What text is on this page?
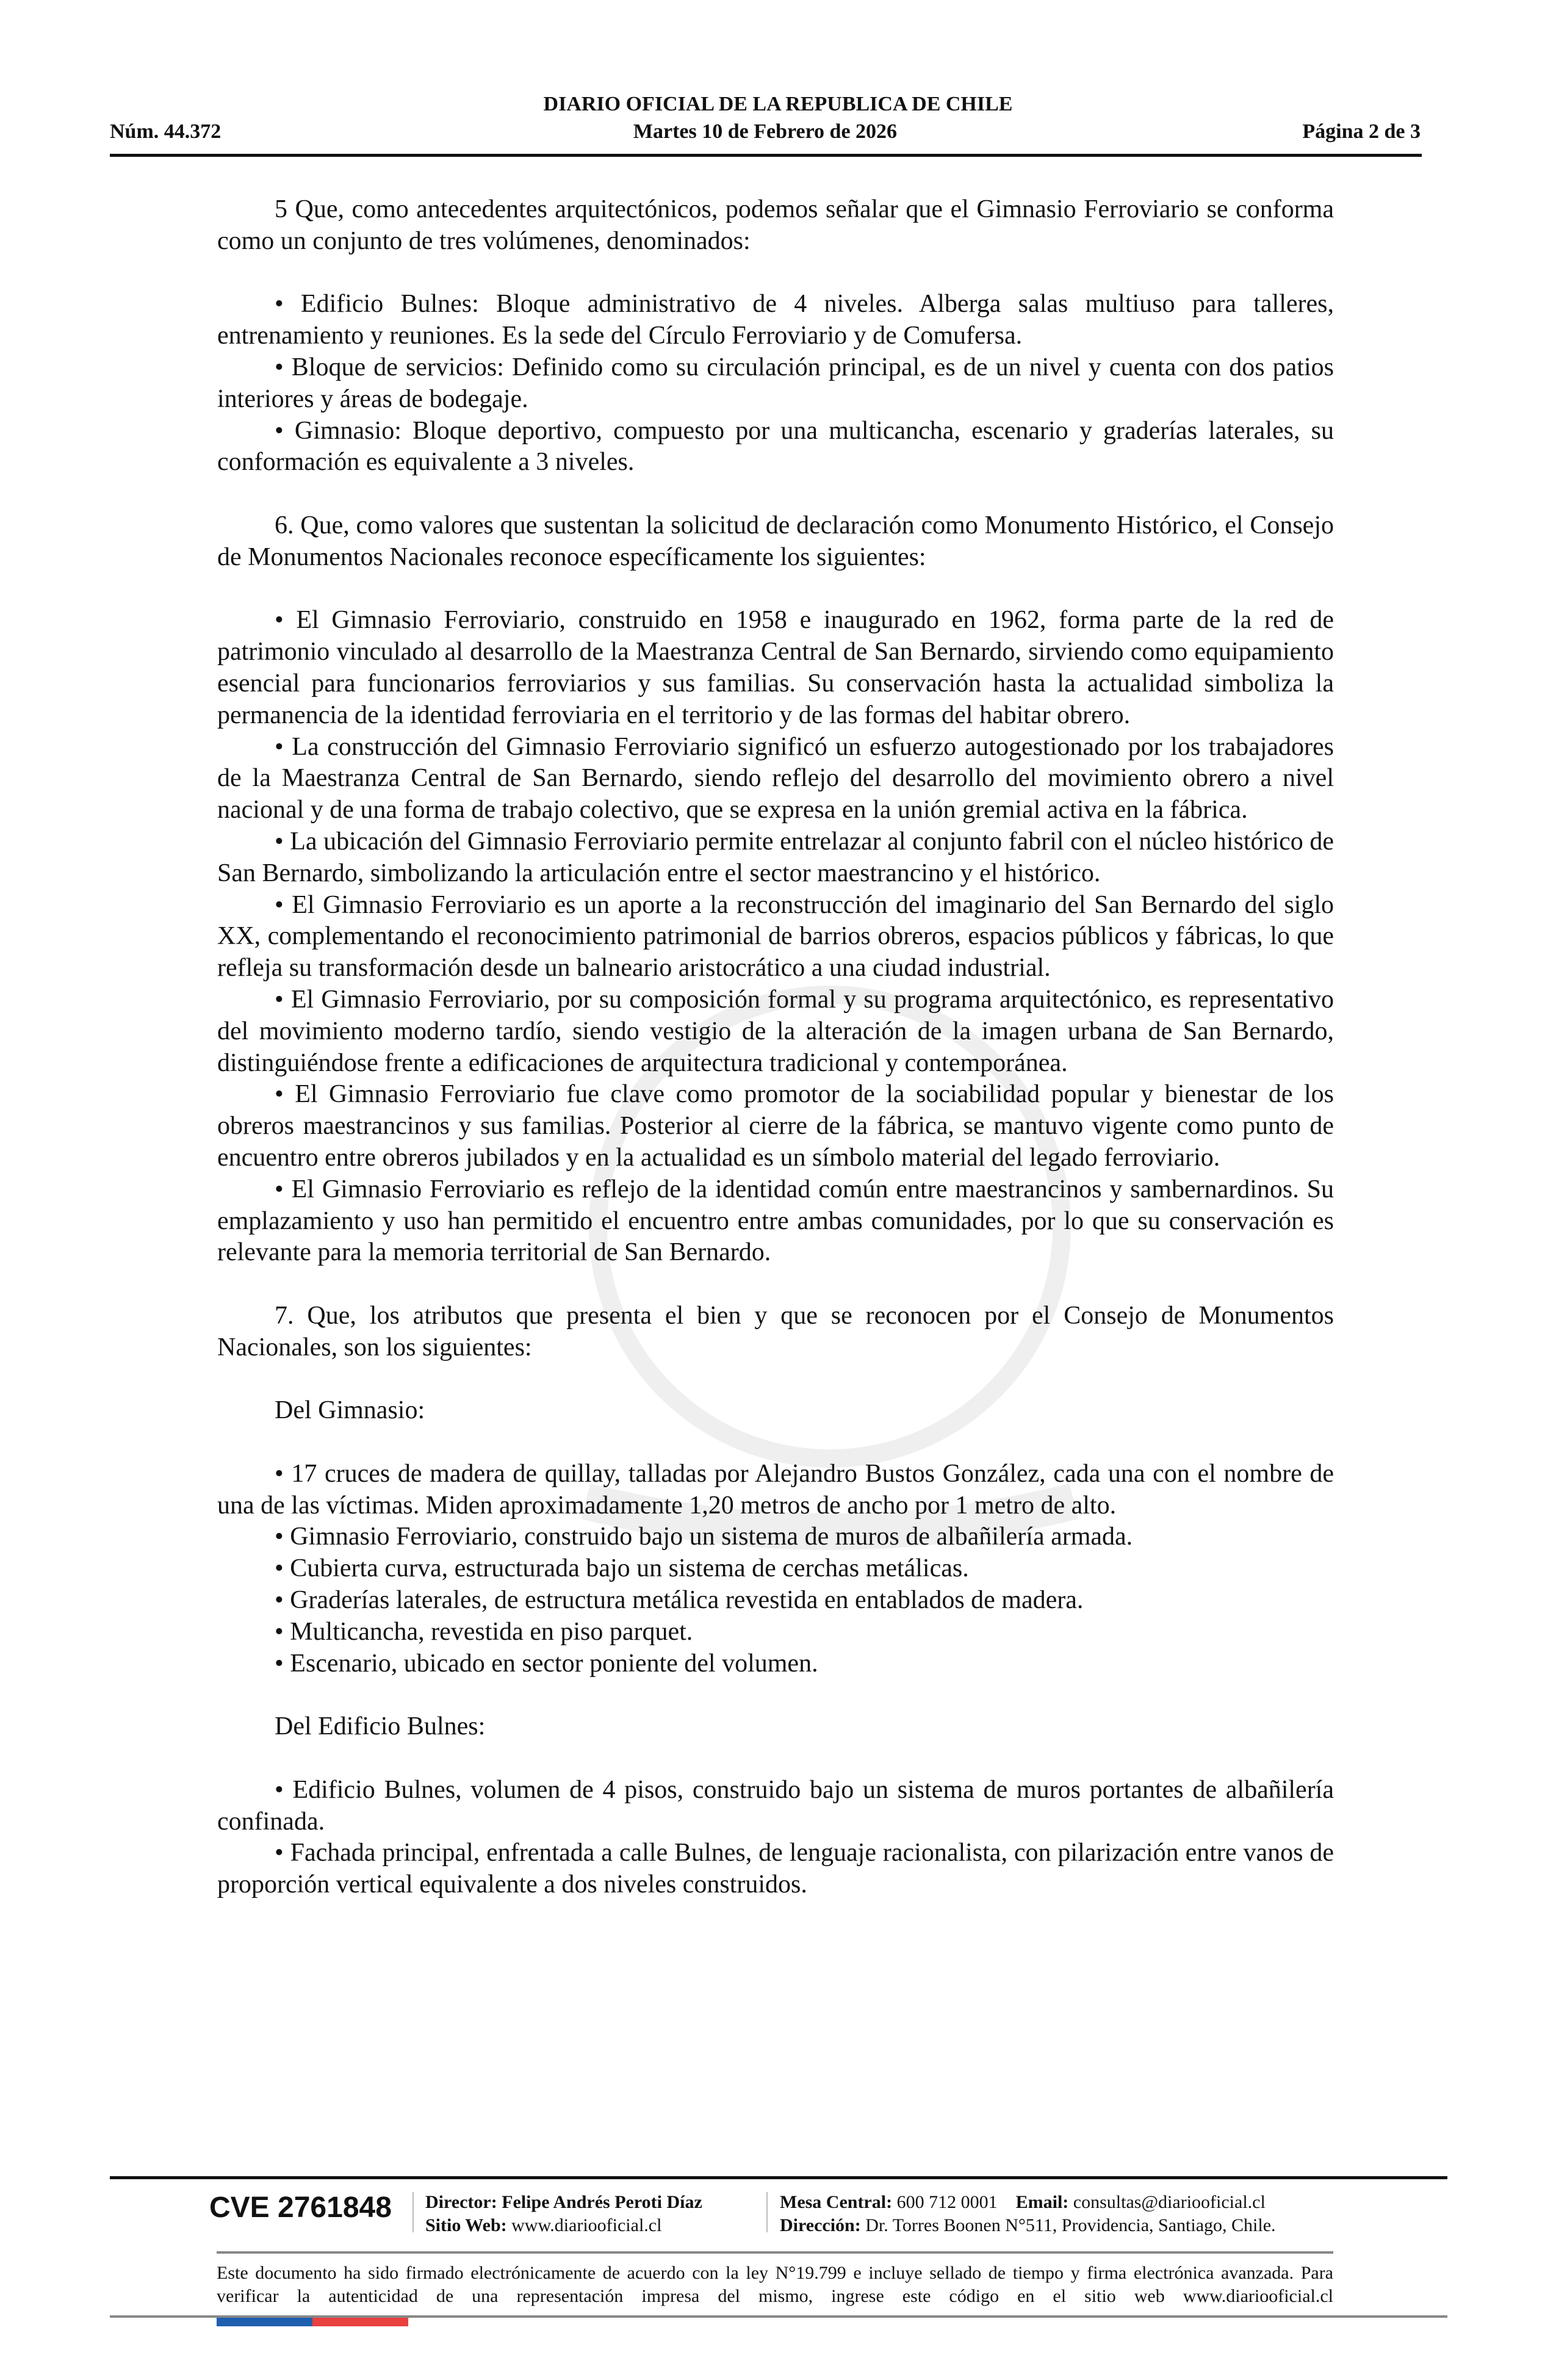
DIARIO OFICIAL DE LA REPUBLICA DE CHILE
Núm. 44.372	Martes 10 de Febrero de 2026	Página 2 de 3

5 Que, como antecedentes arquitectónicos, podemos señalar que el Gimnasio Ferroviario se conforma como un conjunto de tres volúmenes, denominados:

• Edificio Bulnes: Bloque administrativo de 4 niveles. Alberga salas multiuso para talleres, entrenamiento y reuniones. Es la sede del Círculo Ferroviario y de Comufersa.

• Bloque de servicios: Definido como su circulación principal, es de un nivel y cuenta con dos patios interiores y áreas de bodegaje.

• Gimnasio: Bloque deportivo, compuesto por una multicancha, escenario y graderías laterales, su conformación es equivalente a 3 niveles.

6. Que, como valores que sustentan la solicitud de declaración como Monumento Histórico, el Consejo de Monumentos Nacionales reconoce específicamente los siguientes:

• El Gimnasio Ferroviario, construido en 1958 e inaugurado en 1962, forma parte de la red de patrimonio vinculado al desarrollo de la Maestranza Central de San Bernardo, sirviendo como equipamiento esencial para funcionarios ferroviarios y sus familias. Su conservación hasta la actualidad simboliza la permanencia de la identidad ferroviaria en el territorio y de las formas del habitar obrero.

• La construcción del Gimnasio Ferroviario significó un esfuerzo autogestionado por los trabajadores de la Maestranza Central de San Bernardo, siendo reflejo del desarrollo del movimiento obrero a nivel nacional y de una forma de trabajo colectivo, que se expresa en la unión gremial activa en la fábrica.

• La ubicación del Gimnasio Ferroviario permite entrelazar al conjunto fabril con el núcleo histórico de San Bernardo, simbolizando la articulación entre el sector maestrancino y el histórico.

• El Gimnasio Ferroviario es un aporte a la reconstrucción del imaginario del San Bernardo del siglo XX, complementando el reconocimiento patrimonial de barrios obreros, espacios públicos y fábricas, lo que refleja su transformación desde un balneario aristocrático a una ciudad industrial.

• El Gimnasio Ferroviario, por su composición formal y su programa arquitectónico, es representativo del movimiento moderno tardío, siendo vestigio de la alteración de la imagen urbana de San Bernardo, distinguiéndose frente a edificaciones de arquitectura tradicional y contemporánea.

• El Gimnasio Ferroviario fue clave como promotor de la sociabilidad popular y bienestar de los obreros maestrancinos y sus familias. Posterior al cierre de la fábrica, se mantuvo vigente como punto de encuentro entre obreros jubilados y en la actualidad es un símbolo material del legado ferroviario.

• El Gimnasio Ferroviario es reflejo de la identidad común entre maestrancinos y sambernardinos. Su emplazamiento y uso han permitido el encuentro entre ambas comunidades, por lo que su conservación es relevante para la memoria territorial de San Bernardo.

7. Que, los atributos que presenta el bien y que se reconocen por el Consejo de Monumentos Nacionales, son los siguientes:

Del Gimnasio:

• 17 cruces de madera de quillay, talladas por Alejandro Bustos González, cada una con el nombre de una de las víctimas. Miden aproximadamente 1,20 metros de ancho por 1 metro de alto.

• Gimnasio Ferroviario, construido bajo un sistema de muros de albañilería armada.

• Cubierta curva, estructurada bajo un sistema de cerchas metálicas.

• Graderías laterales, de estructura metálica revestida en entablados de madera.

• Multicancha, revestida en piso parquet.

• Escenario, ubicado en sector poniente del volumen.

Del Edificio Bulnes:

• Edificio Bulnes, volumen de 4 pisos, construido bajo un sistema de muros portantes de albañilería confinada.

• Fachada principal, enfrentada a calle Bulnes, de lenguaje racionalista, con pilarización entre vanos de proporción vertical equivalente a dos niveles construidos.

CVE 2761848 Director: Felipe Andrés Peroti Díaz
Sitio Web: www.diariooficial.cl
Mesa Central: 600 712 0001 Email: consultas@diariooficial.cl
Dirección: Dr. Torres Boonen N°511, Providencia, Santiago, Chile.
Este documento ha sido firmado electrónicamente de acuerdo con la ley N°19.799 e incluye sellado de tiempo y firma electrónica avanzada. Para verificar la autenticidad de una representación impresa del mismo, ingrese este código en el sitio web www.diariooficial.cl
